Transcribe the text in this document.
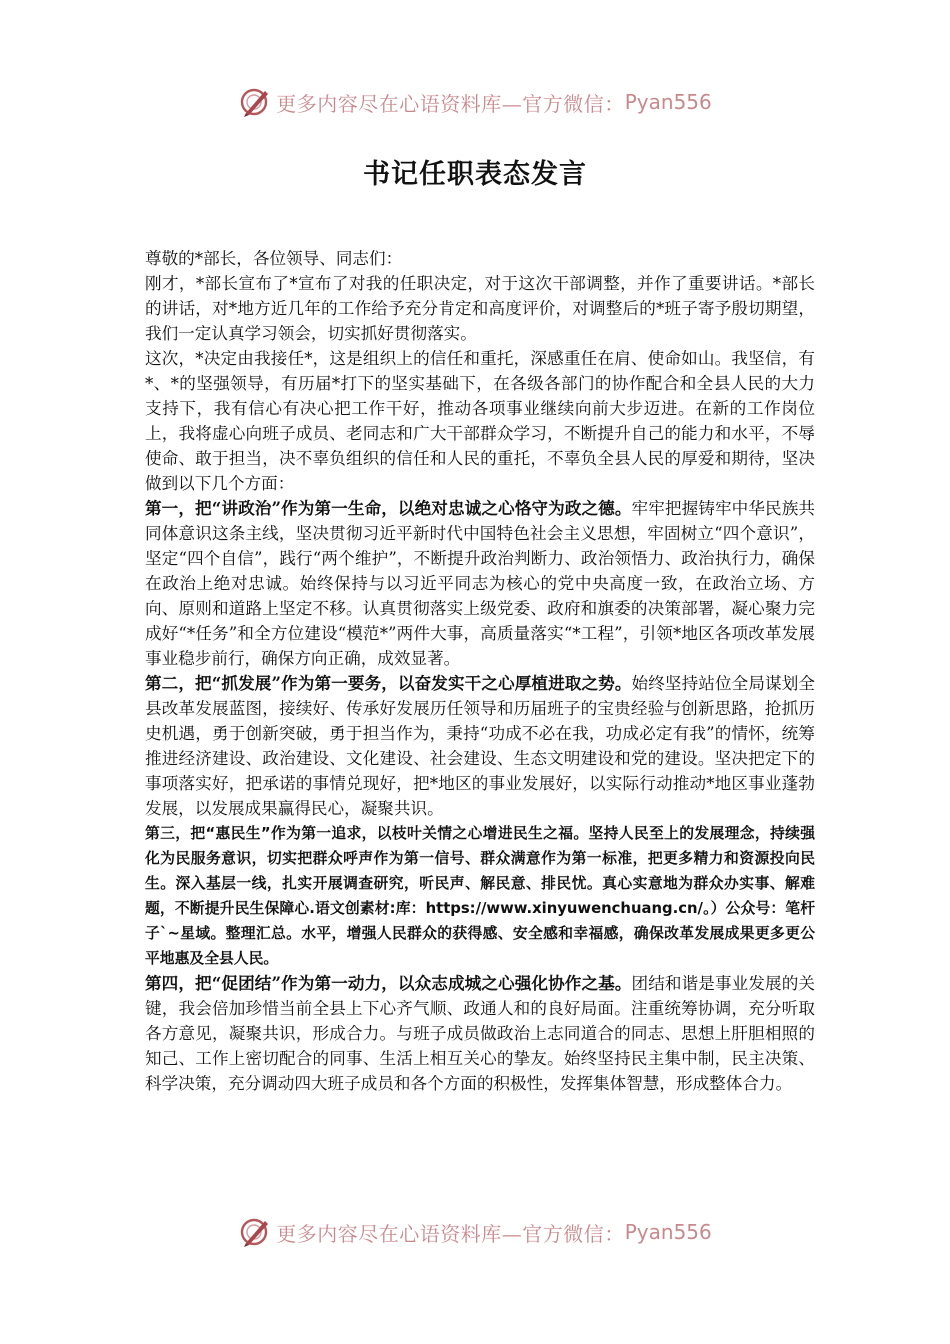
更多内容尽在心语资料库—官方微信： Pyan556
书记任职表态发言

尊敬的*部长，各位领导、同志们：

刚才，*部长宣布了*宣布了对我的任职决定，对于这次干部调整，并作了重要讲话。*部长的讲话，对*地方近几年的工作给予充分肯定和高度评价，对调整后的*班子寄予殷切期望，我们一定认真学习领会，切实抓好贯彻落实。

这次，*决定由我接任*，这是组织上的信任和重托，深感重任在肩、使命如山。我坚信，有*、*的坚强领导，有历届*打下的坚实基础下，在各级各部门的协作配合和全县人民的大力支持下，我有信心有决心把工作干好，推动各项事业继续向前大步迈进。在新的工作岗位上，我将虚心向班子成员、老同志和广大干部群众学习，不断提升自己的能力和水平，不辱使命、敢于担当，决不辜负组织的信任和人民的重托，不辜负全县人民的厚爱和期待，坚决做到以下几个方面：

第一，把“讲政治”作为第一生命，以绝对忠诚之心恪守为政之德。牢牢把握铸牢中华民族共同体意识这条主线，坚决贯彻习近平新时代中国特色社会主义思想，牢固树立“四个意识”，坚定“四个自信”，践行“两个维护”，不断提升政治判断力、政治领悟力、政治执行力，确保在政治上绝对忠诚。始终保持与以习近平同志为核心的党中央高度一致，在政治立场、方向、原则和道路上坚定不移。认真贯彻落实上级党委、政府和旗委的决策部署，凝心聚力完成好“*任务”和全方位建设“模范*”两件大事，高质量落实“*工程”，引领*地区各项改革发展事业稳步前行，确保方向正确，成效显著。

第二，把“抓发展”作为第一要务，以奋发实干之心厚植进取之势。始终坚持站位全局谋划全县改革发展蓝图，接续好、传承好发展历任领导和历届班子的宝贵经验与创新思路，抢抓历史机遇，勇于创新突破，勇于担当作为，秉持“功成不必在我，功成必定有我”的情怀，统筹推进经济建设、政治建设、文化建设、社会建设、生态文明建设和党的建设。坚决把定下的事项落实好，把承诺的事情兑现好，把*地区的事业发展好，以实际行动推动*地区事业蓬勃发展，以发展成果赢得民心，凝聚共识。

第三，把“惠民生”作为第一追求，以枝叶关情之心增进民生之福。坚持人民至上的发展理念，持续强化为民服务意识，切实把群众呼声作为第一信号、群众满意作为第一标准，把更多精力和资源投向民生。深入基层一线，扎实开展调查研究，听民声、解民意、排民忧。真心实意地为群众办实事、解难题，不断提升民生保障心.语文创素材:库：https://www.xinyuwenchuang.cn/。）公众号：笔杆子`~星域。整理汇总。水平，增强人民群众的获得感、安全感和幸福感，确保改革发展成果更多更公平地惠及全县人民。

第四，把“促团结”作为第一动力，以众志成城之心强化协作之基。团结和谐是事业发展的关键，我会倍加珍惜当前全县上下心齐气顺、政通人和的良好局面。注重统筹协调，充分听取各方意见，凝聚共识，形成合力。与班子成员做政治上志同道合的同志、思想上肝胆相照的知己、工作上密切配合的同事、生活上相互关心的挚友。始终坚持民主集中制，民主决策、科学决策，充分调动四大班子成员和各个方面的积极性，发挥集体智慧，形成整体合力。

更多内容尽在心语资料库—官方微信： Pyan556
